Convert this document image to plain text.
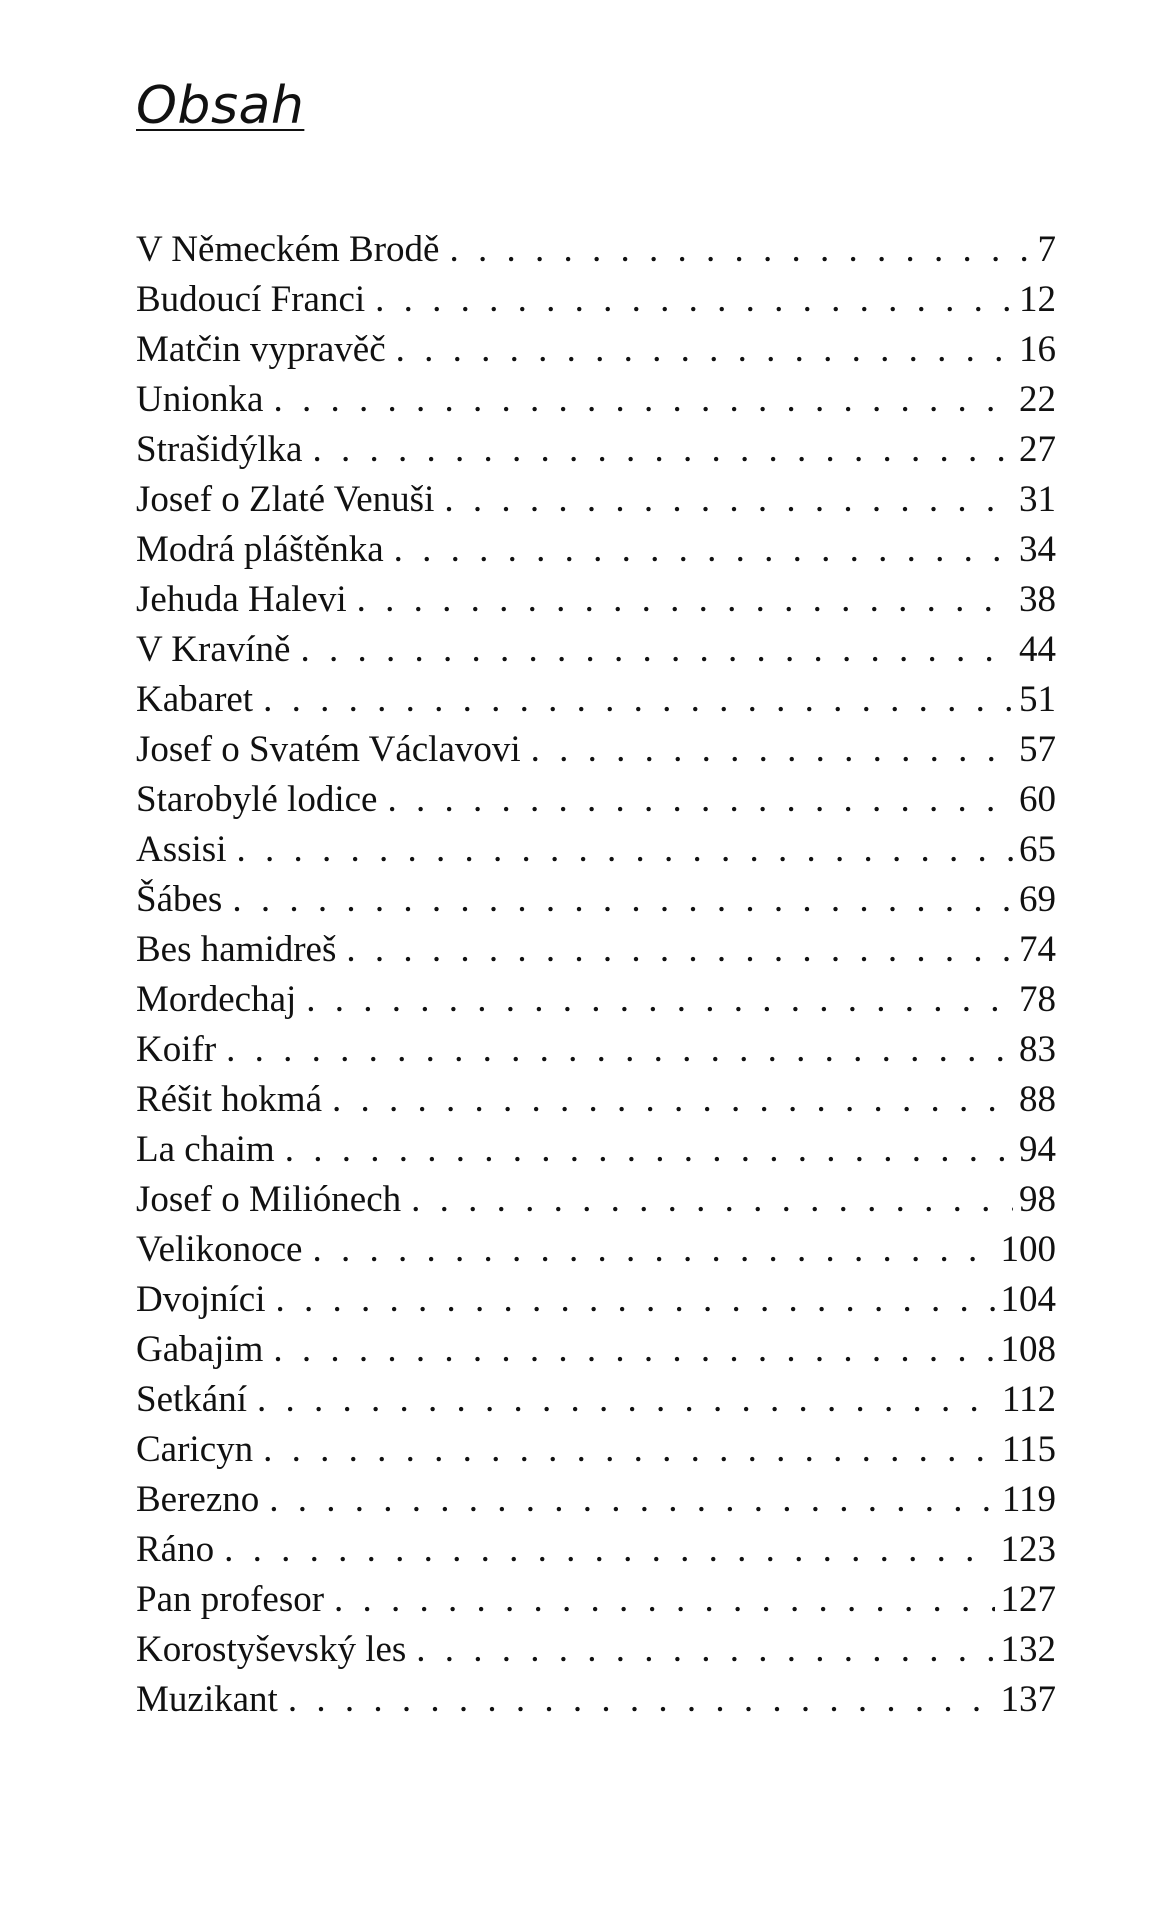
Obsah
V Německém Brodě . . .	7
Budoucí Franci . . .	12
Matčin vypravěč . . .	16
Unionka . . .	22
Strašidýlka . . .	27
Josef o Zlaté Venuši . . .	31
Modrá pláštěnka . . .	34
Jehuda Halevi . . .	38
V Kravíně . . .	44
Kabaret . . .	51
Josef o Svatém Václavovi . . .	57
Starobylé lodice . . .	60
Assisi . . .	65
Šábes . . .	69
Bes hamidreš . . .	74
Mordechaj . . .	78
Koifr . . .	83
Réšit hokmá . . .	88
La chaim . . .	94
Josef o Miliónech . . .	98
Velikonoce . . .	100
Dvojníci . . .	104
Gabajim . . .	108
Setkání . . .	112
Caricyn . . .	115
Berezno . . .	119
Ráno . . .	123
Pan profesor . . .	127
Korostyševský les . . .	132
Muzikant . . .	137
